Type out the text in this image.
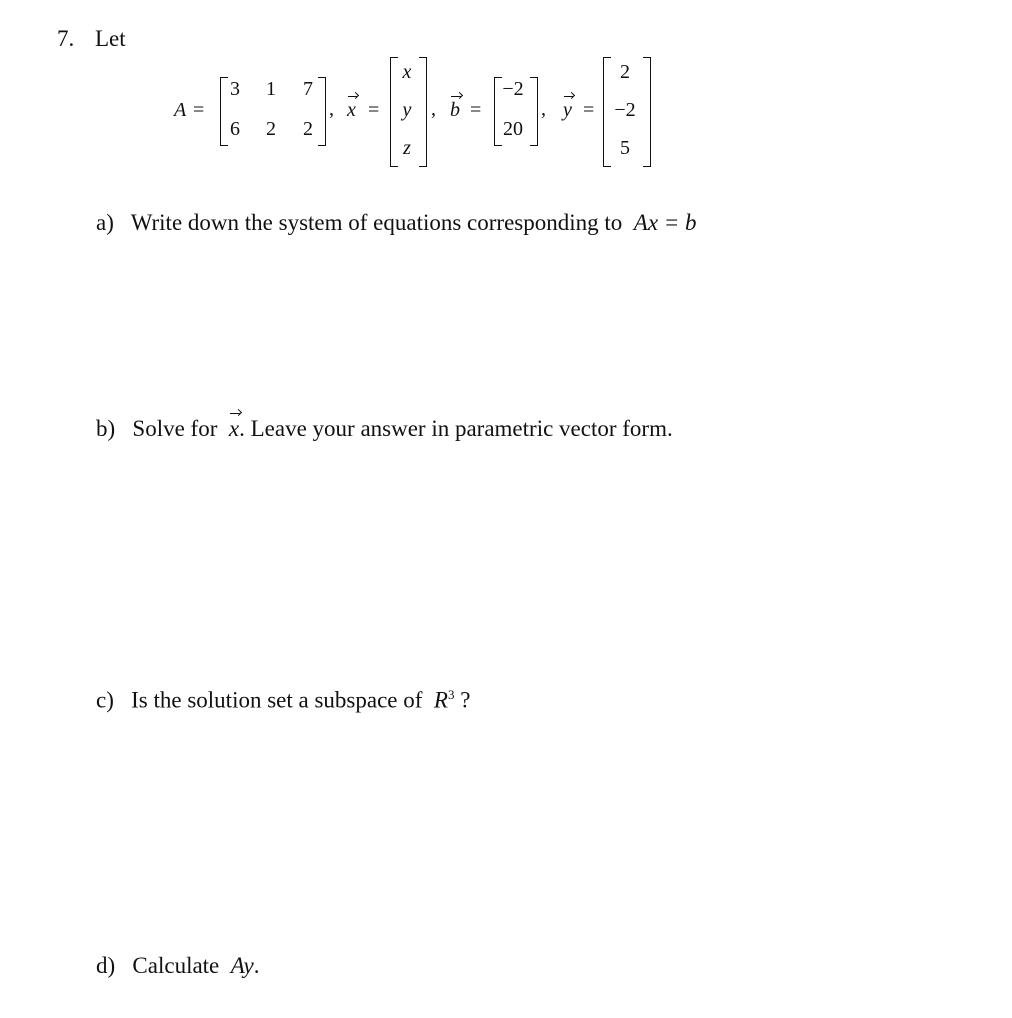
7. Let
A =
3	1	7
6	2	2
, x =
x
y
z
, b =
−2
20
, y =
2
−2
5
a) Write down the system of equations corresponding to Ax = b
b) Solve for x. Leave your answer in parametric vector form.
c) Is the solution set a subspace of $R^3$ ?
d) Calculate Ay.
